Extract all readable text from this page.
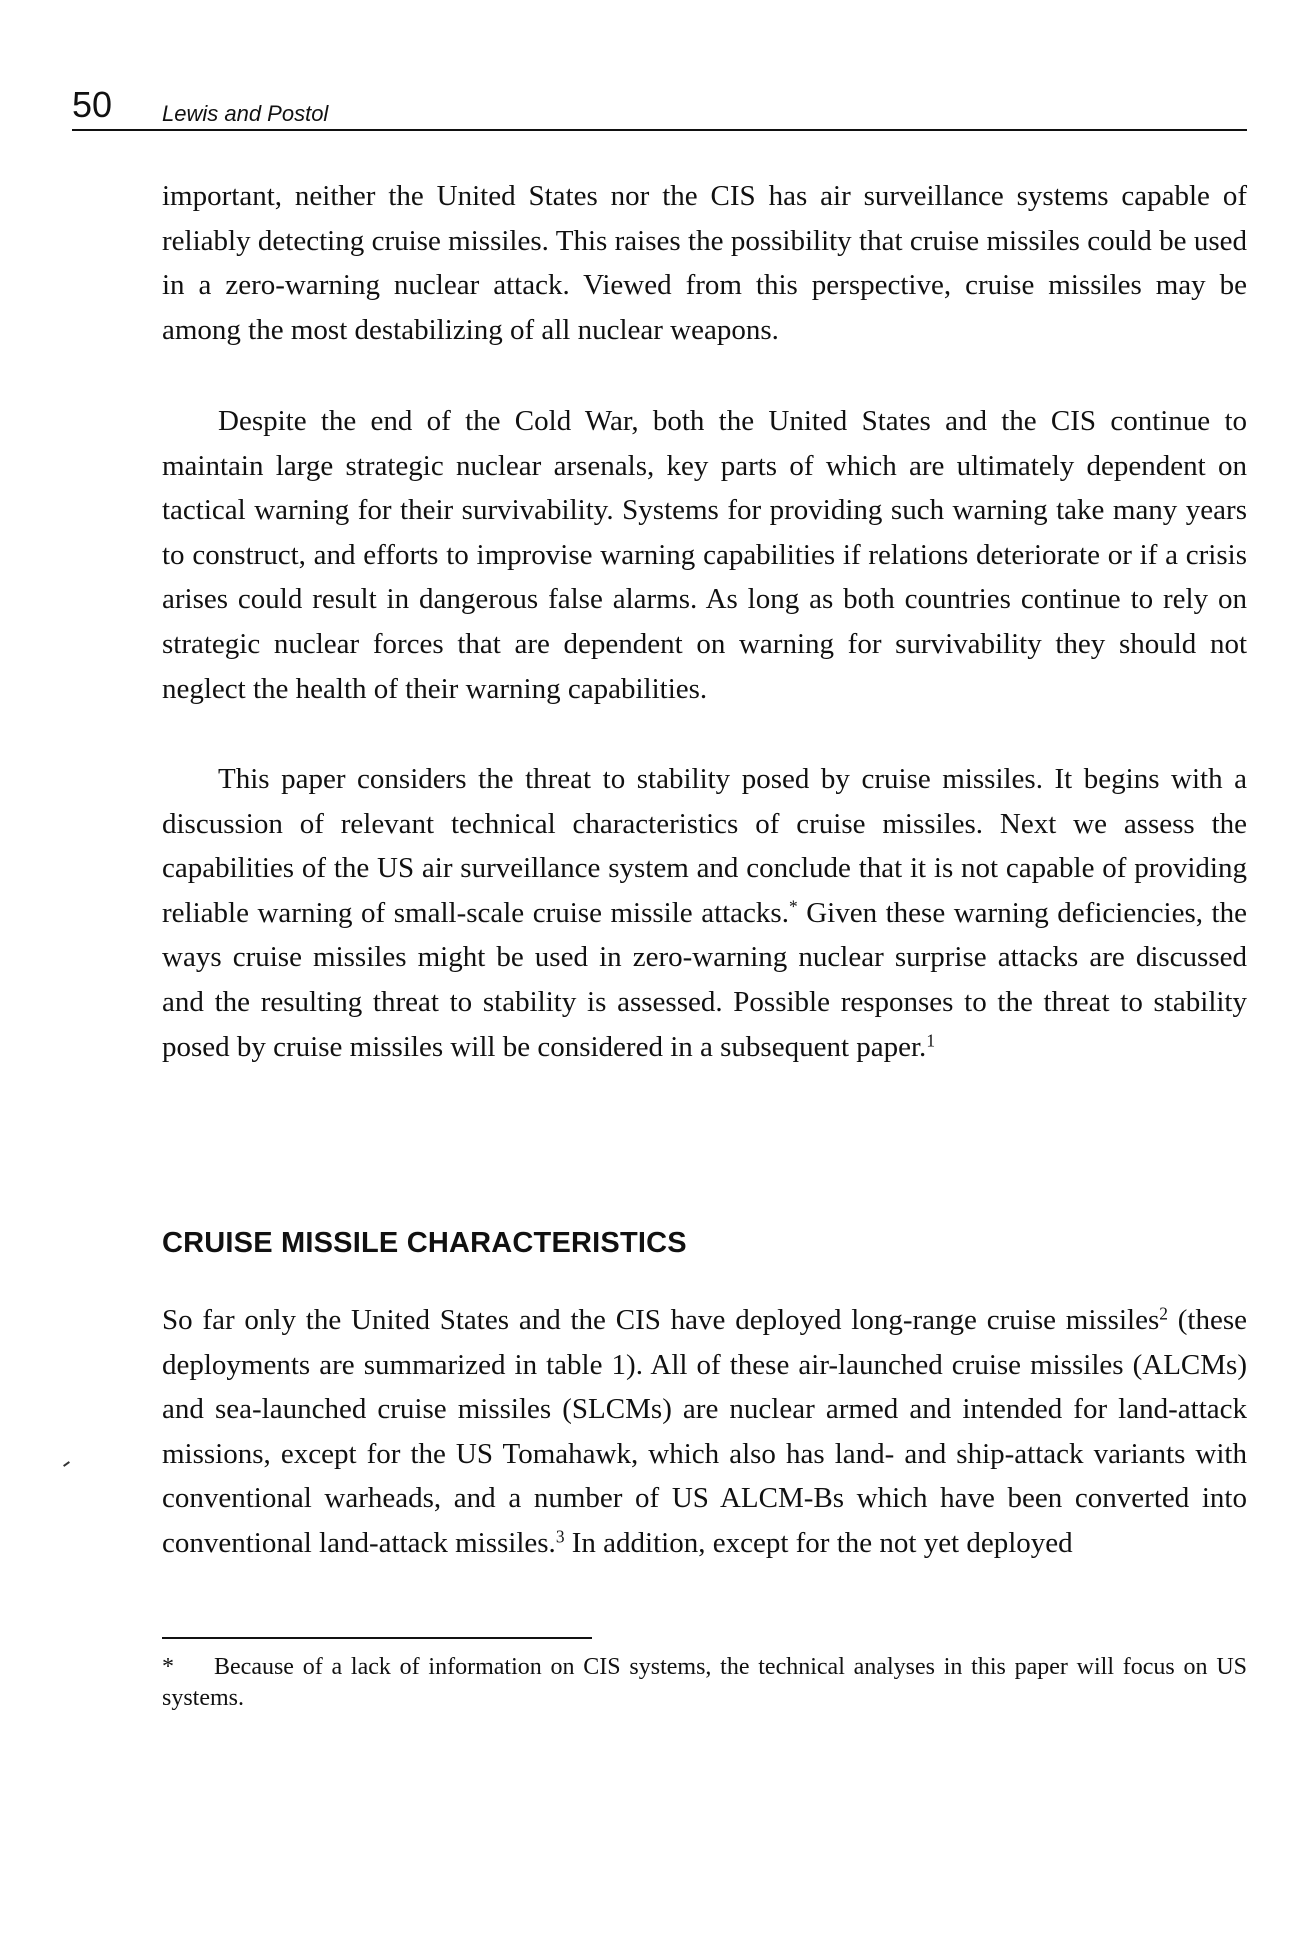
50 Lewis and Postol

important, neither the United States nor the CIS has air surveillance systems capable of reliably detecting cruise missiles. This raises the possibility that cruise missiles could be used in a zero-warning nuclear attack. Viewed from this perspective, cruise missiles may be among the most destabilizing of all nuclear weapons.

Despite the end of the Cold War, both the United States and the CIS continue to maintain large strategic nuclear arsenals, key parts of which are ultimately dependent on tactical warning for their survivability. Systems for providing such warning take many years to construct, and efforts to improvise warning capabilities if relations deteriorate or if a crisis arises could result in dangerous false alarms. As long as both countries continue to rely on strategic nuclear forces that are dependent on warning for survivability they should not neglect the health of their warning capabilities.

This paper considers the threat to stability posed by cruise missiles. It begins with a discussion of relevant technical characteristics of cruise missiles. Next we assess the capabilities of the US air surveillance system and conclude that it is not capable of providing reliable warning of small-scale cruise missile attacks.* Given these warning deficiencies, the ways cruise missiles might be used in zero-warning nuclear surprise attacks are discussed and the resulting threat to stability is assessed. Possible responses to the threat to stability posed by cruise missiles will be considered in a subsequent paper.$^1$

CRUISE MISSILE CHARACTERISTICS

So far only the United States and the CIS have deployed long-range cruise missiles$^2$ (these deployments are summarized in table 1). All of these air-launched cruise missiles (ALCMs) and sea-launched cruise missiles (SLCMs) are nuclear armed and intended for land-attack missions, except for the US Tomahawk, which also has land- and ship-attack variants with conventional warheads, and a number of US ALCM-Bs which have been converted into conventional land-attack missiles.$^3$ In addition, except for the not yet deployed

* Because of a lack of information on CIS systems, the technical analyses in this paper will focus on US systems.
